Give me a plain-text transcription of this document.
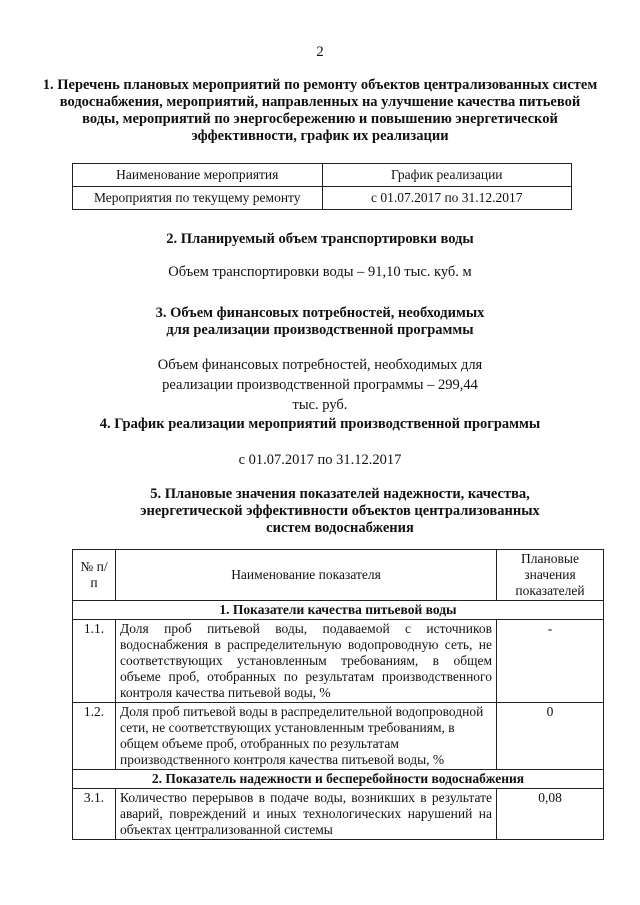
2
1. Перечень плановых мероприятий по ремонту объектов централизованных систем водоснабжения, мероприятий, направленных на улучшение качества питьевой воды, мероприятий по энергосбережению и повышению энергетической эффективности, график их реализации
Наименование мероприятия	График реализации
Мероприятия по текущему ремонту	с 01.07.2017 по 31.12.2017
2. Планируемый объем транспортировки воды
Объем транспортировки воды – 91,10 тыс. куб. м
3. Объем финансовых потребностей, необходимых для реализации производственной программы
Объем финансовых потребностей, необходимых для реализации производственной программы – 299,44 тыс. руб.
4. График реализации мероприятий производственной программы
с 01.07.2017 по 31.12.2017
5. Плановые значения показателей надежности, качества, энергетической эффективности объектов централизованных систем водоснабжения
№ п/п	Наименование показателя	Плановые значения показателей
1. Показатели качества питьевой воды		
1.1.	Доля проб питьевой воды, подаваемой с источников водоснабжения в распределительную водопроводную сеть, не соответствующих установленным требованиям, в общем объеме проб, отобранных по результатам производственного контроля качества питьевой воды, %	-
1.2.	Доля проб питьевой воды в распределительной водопроводной сети, не соответствующих установленным требованиям, в общем объеме проб, отобранных по результатам производственного контроля качества питьевой воды, %	0
2. Показатель надежности и бесперебойности водоснабжения		
3.1.	Количество перерывов в подаче воды, возникших в результате аварий, повреждений и иных технологических нарушений на объектах централизованной системы	0,08
